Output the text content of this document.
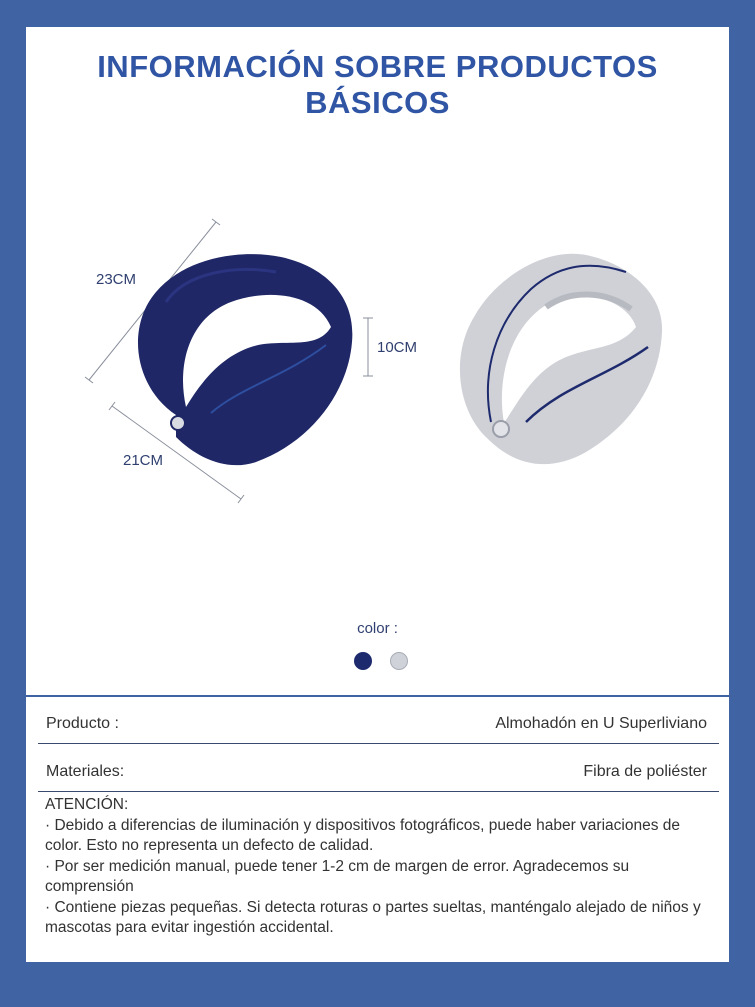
INFORMACIÓN SOBRE PRODUCTOS BÁSICOS
23CM
10CM
21CM
color :
Producto :	Almohadón en U Superliviano
Materiales:	Fibra de poliéster

ATENCIÓN:

· Debido a diferencias de iluminación y dispositivos fotográficos, puede haber variaciones de color. Esto no representa un defecto de calidad.

· Por ser medición manual, puede tener 1-2 cm de margen de error. Agradecemos su comprensión

· Contiene piezas pequeñas. Si detecta roturas o partes sueltas, manténgalo alejado de niños y mascotas para evitar ingestión accidental.
